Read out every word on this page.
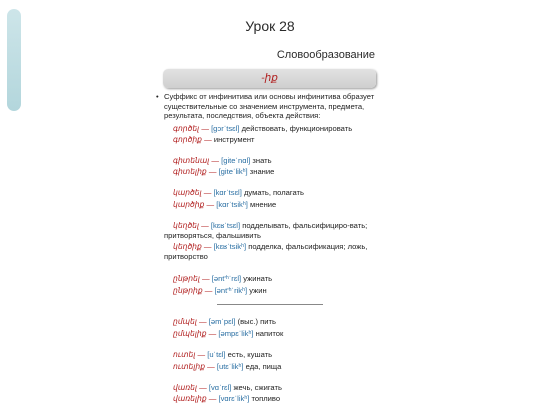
Урок 28
Словообразование
-իք
• Суффикс от инфинитива или основы инфинитива образует существительные со значением инструмента, предмета, результата, последствия, объекта действия:
գործել — [gɔrˈtsɛl] действовать, функционировать
գործիք — инструмент
գիտենալ — [giteˈnɑl] знать
գիտելիք — [giteˈlikʰ] знание
կարծել — [kɑrˈtsɛl] думать, полагать
կարծիք — [kɑrˈtsikʰ] мнение
կեղծել — [kɛʁˈtsɛl] подделывать, фальсифициро-вать; притворяться, фальшивить
կեղծիք — [kɛʁˈtsikʰ] подделка, фальсификация; ложь, притворство
ընթրել — [ənt'ʰˈrɛl] ужинать
ընթրիք — [ənt'ʰˈrikʰ] ужин
ըմպել — [əmˈpɛl] (выс.) пить
ըմպելիք — [əmpɛˈlikʰ] напиток
ուտել — [uˈtɛl] есть, кушать
ուտելիք — [utɛˈlikʰ] еда, пища
վառել — [vɑˈrɛl] жечь, сжигать
վառելիք — [vɑrɛˈlikʰ] топливо
